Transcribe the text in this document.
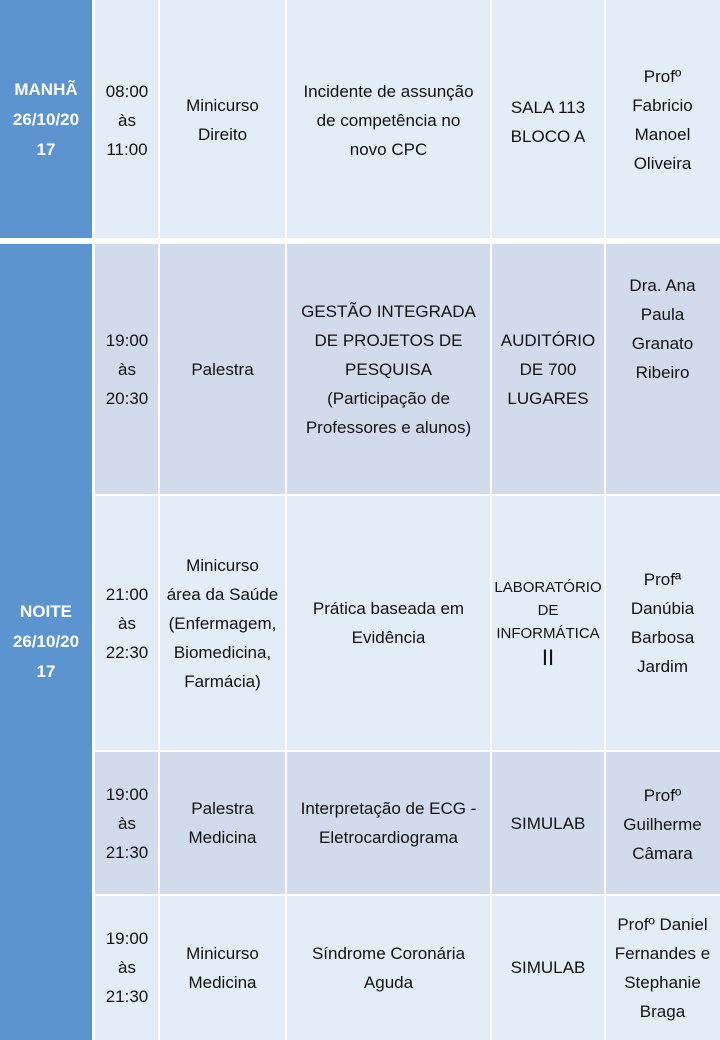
MANHÃ
26/10/20
17
08:00
às
11:00
Minicurso
Direito
Incidente de assunção
de competência no
novo CPC
SALA 113
BLOCO A
Profº
Fabricio
Manoel
Oliveira
NOITE
26/10/20
17
19:00
às
20:30
Palestra
GESTÃO INTEGRADA
DE PROJETOS DE
PESQUISA
(Participação de
Professores e alunos)
AUDITÓRIO
DE 700
LUGARES
Dra. Ana
Paula
Granato
Ribeiro
21:00
às
22:30
Minicurso
área da Saúde
(Enfermagem,
Biomedicina,
Farmácia)
Prática baseada em
Evidência
LABORATÓRIO
DE
INFORMÁTICA
II
Profª
Danúbia
Barbosa
Jardim
19:00
às
21:30
Palestra
Medicina
Interpretação de ECG -
Eletrocardiograma
SIMULAB
Profº
Guilherme
Câmara
19:00
às
21:30
Minicurso
Medicina
Síndrome Coronária
Aguda
SIMULAB
Profº Daniel
Fernandes e
Stephanie
Braga
